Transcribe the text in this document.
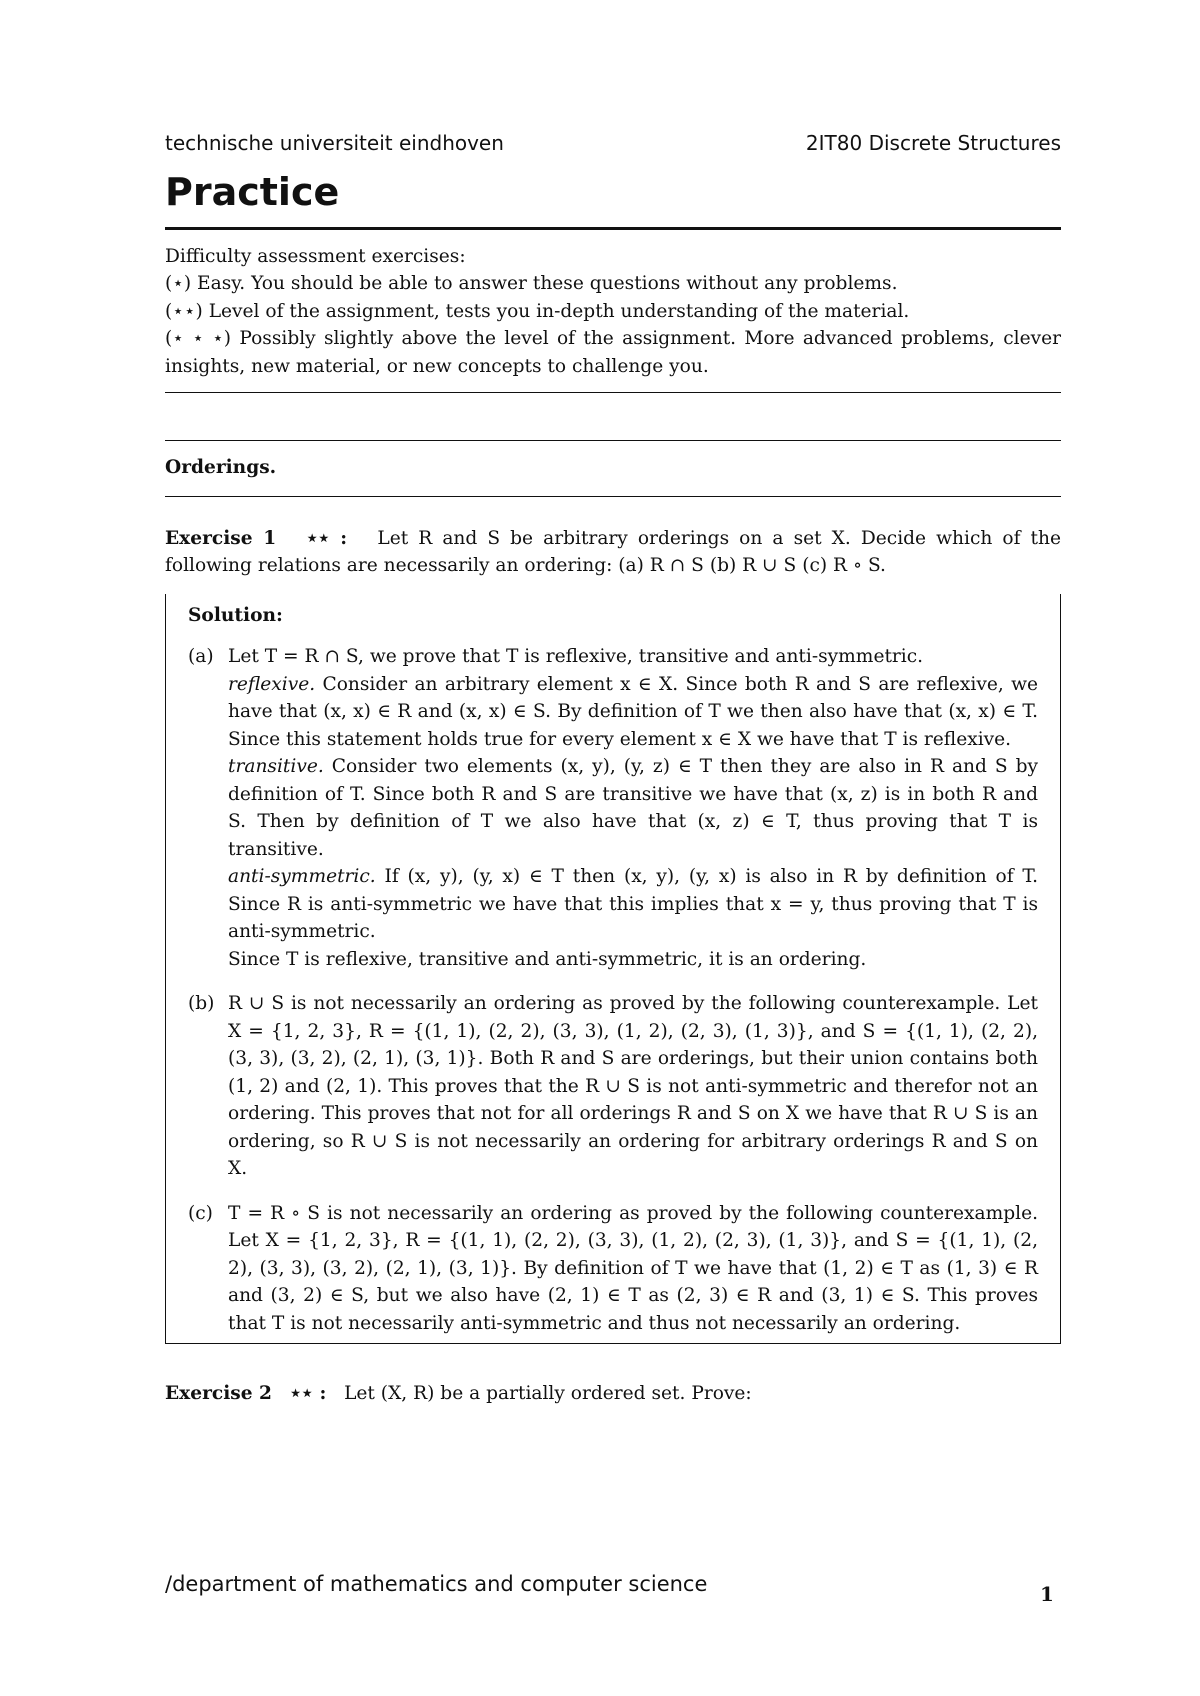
technische universiteit eindhoven	2IT80 Discrete Structures
Practice

Difficulty assessment exercises:

(⋆) Easy. You should be able to answer these questions without any problems.

(⋆⋆) Level of the assignment, tests you in-depth understanding of the material.

(⋆ ⋆ ⋆) Possibly slightly above the level of the assignment. More advanced problems, clever insights, new material, or new concepts to challenge you.

Orderings.

Exercise 1 ⋆⋆ : Let R and S be arbitrary orderings on a set X. Decide which of the following relations are necessarily an ordering: (a) R ∩ S (b) R ∪ S (c) R ∘ S.

Solution:
(a) Let T = R ∩ S, we prove that T is reflexive, transitive and anti-symmetric.
reflexive. Consider an arbitrary element x ∈ X. Since both R and S are reflexive, we have that (x, x) ∈ R and (x, x) ∈ S. By definition of T we then also have that (x, x) ∈ T. Since this statement holds true for every element x ∈ X we have that T is reflexive.
transitive. Consider two elements (x, y), (y, z) ∈ T then they are also in R and S by definition of T. Since both R and S are transitive we have that (x, z) is in both R and S. Then by definition of T we also have that (x, z) ∈ T, thus proving that T is transitive.
anti-symmetric. If (x, y), (y, x) ∈ T then (x, y), (y, x) is also in R by definition of T. Since R is anti-symmetric we have that this implies that x = y, thus proving that T is anti-symmetric.
Since T is reflexive, transitive and anti-symmetric, it is an ordering.
(b) R ∪ S is not necessarily an ordering as proved by the following counterexample. Let X = {1, 2, 3}, R = {(1, 1), (2, 2), (3, 3), (1, 2), (2, 3), (1, 3)}, and S = {(1, 1), (2, 2), (3, 3), (3, 2), (2, 1), (3, 1)}. Both R and S are orderings, but their union contains both (1, 2) and (2, 1). This proves that the R ∪ S is not anti-symmetric and therefor not an ordering. This proves that not for all orderings R and S on X we have that R ∪ S is an ordering, so R ∪ S is not necessarily an ordering for arbitrary orderings R and S on X.
(c) T = R ∘ S is not necessarily an ordering as proved by the following counterexample. Let X = {1, 2, 3}, R = {(1, 1), (2, 2), (3, 3), (1, 2), (2, 3), (1, 3)}, and S = {(1, 1), (2, 2), (3, 3), (3, 2), (2, 1), (3, 1)}. By definition of T we have that (1, 2) ∈ T as (1, 3) ∈ R and (3, 2) ∈ S, but we also have (2, 1) ∈ T as (2, 3) ∈ R and (3, 1) ∈ S. This proves that T is not necessarily anti-symmetric and thus not necessarily an ordering.

Exercise 2 ⋆⋆ : Let (X, R) be a partially ordered set. Prove:

/department of mathematics and computer science	1
